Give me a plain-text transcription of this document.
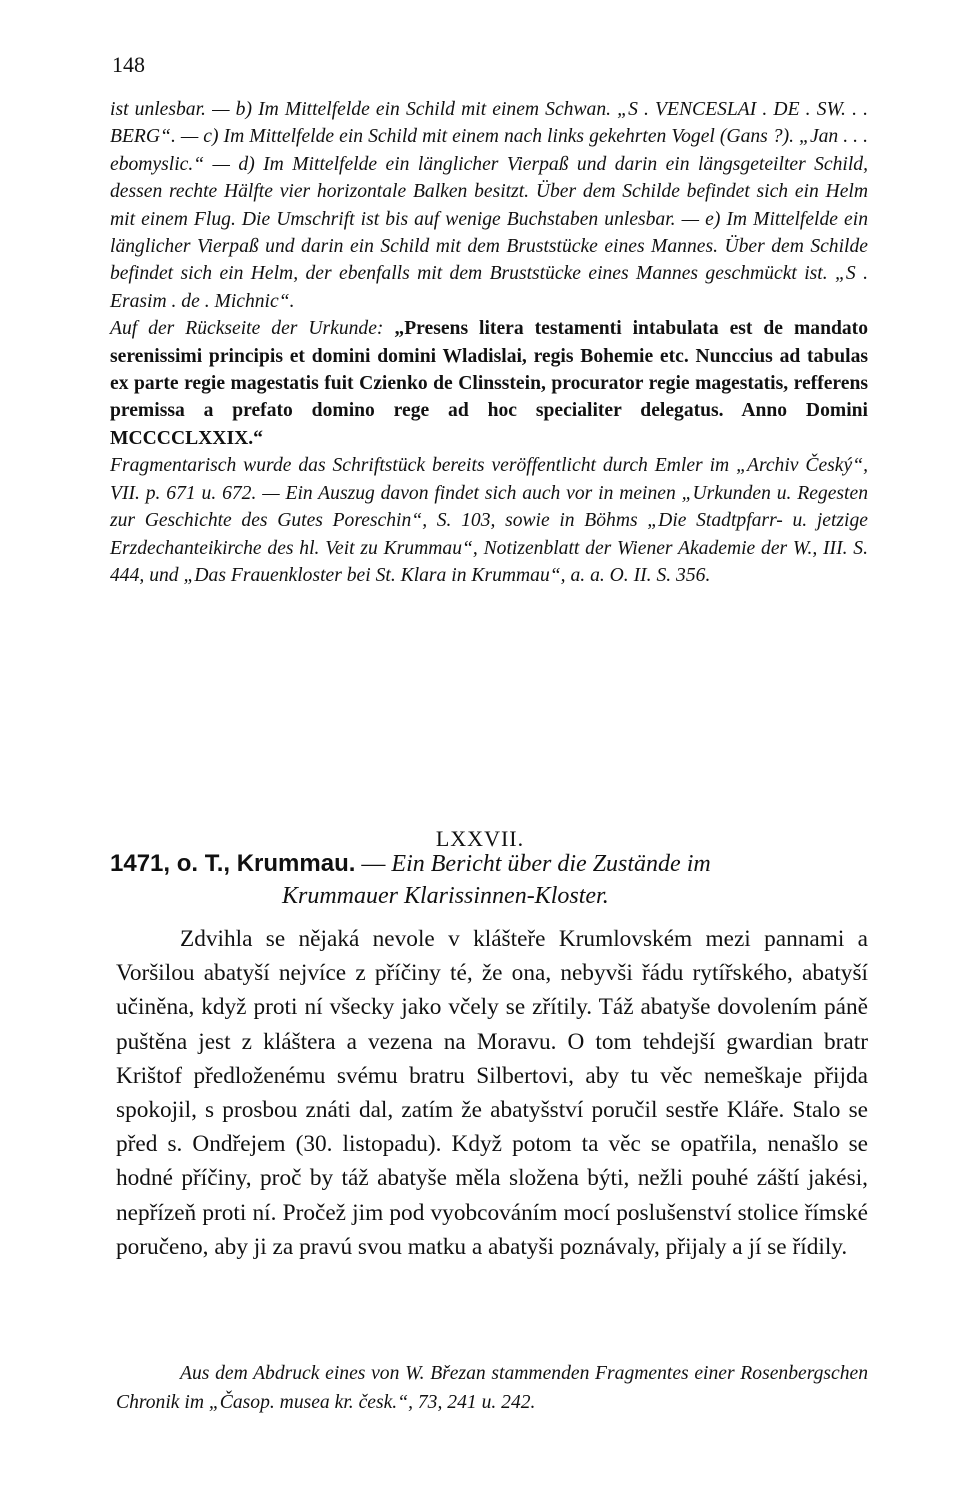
148

ist unlesbar. — b) Im Mittelfelde ein Schild mit einem Schwan. „S . VENCESLAI . DE . SW. . . BERG“. — c) Im Mittelfelde ein Schild mit einem nach links gekehrten Vogel (Gans ?). „Jan . . . ebomyslic.“ — d) Im Mittelfelde ein länglicher Vierpaß und darin ein längsgeteilter Schild, dessen rechte Hälfte vier horizontale Balken besitzt. Über dem Schilde befindet sich ein Helm mit einem Flug. Die Umschrift ist bis auf wenige Buchstaben unlesbar. — e) Im Mittelfelde ein länglicher Vierpaß und darin ein Schild mit dem Bruststücke eines Mannes. Über dem Schilde befindet sich ein Helm, der ebenfalls mit dem Bruststücke eines Mannes geschmückt ist. „S . Erasim . de . Michnic“.

Auf der Rückseite der Urkunde: „Presens litera testamenti intabulata est de mandato serenissimi principis et domini domini Wladislai, regis Bohemie etc. Nunccius ad tabulas ex parte regie magestatis fuit Czienko de Clinsstein, procurator regie magestatis, refferens premissa a prefato domino rege ad hoc specialiter delegatus. Anno Domini MCCCCLXXIX.“

Fragmentarisch wurde das Schriftstück bereits veröffentlicht durch Emler im „Archiv Český“, VII. p. 671 u. 672. — Ein Auszug davon findet sich auch vor in meinen „Urkunden u. Regesten zur Geschichte des Gutes Poreschin“, S. 103, sowie in Böhms „Die Stadtpfarr- u. jetzige Erzdechanteikirche des hl. Veit zu Krummau“, Notizenblatt der Wiener Akademie der W., III. S. 444, und „Das Frauenkloster bei St. Klara in Krummau“, a. a. O. II. S. 356.

LXXVII.
1471, o. T., Krummau. — Ein Bericht über die Zustände im
Krummauer Klarissinnen-Kloster.

Zdvihla se nějaká nevole v klášteře Krumlovském mezi pannami a Voršilou abatyší nejvíce z příčiny té, že ona, nebyvši řádu rytířského, abatyší učiněna, když proti ní všecky jako včely se zřítily. Táž abatyše dovolením páně puštěna jest z kláštera a vezena na Moravu. O tom tehdejší gwardian bratr Krištof předloženému svému bratru Silbertovi, aby tu věc nemeškaje přijda spokojil, s prosbou znáti dal, zatím že abatyšství poručil sestře Kláře. Stalo se před s. Ondřejem (30. listopadu). Když potom ta věc se opatřila, nenašlo se hodné příčiny, proč by táž abatyše měla složena býti, nežli pouhé záští jakési, nepřízeň proti ní. Pročež jim pod vyobcováním mocí poslušenství stolice římské poručeno, aby ji za pravú svou matku a abatyši poznávaly, přijaly a jí se řídily.

Aus dem Abdruck eines von W. Březan stammenden Fragmentes einer Rosenbergschen Chronik im „Časop. musea kr. česk.“, 73, 241 u. 242.
